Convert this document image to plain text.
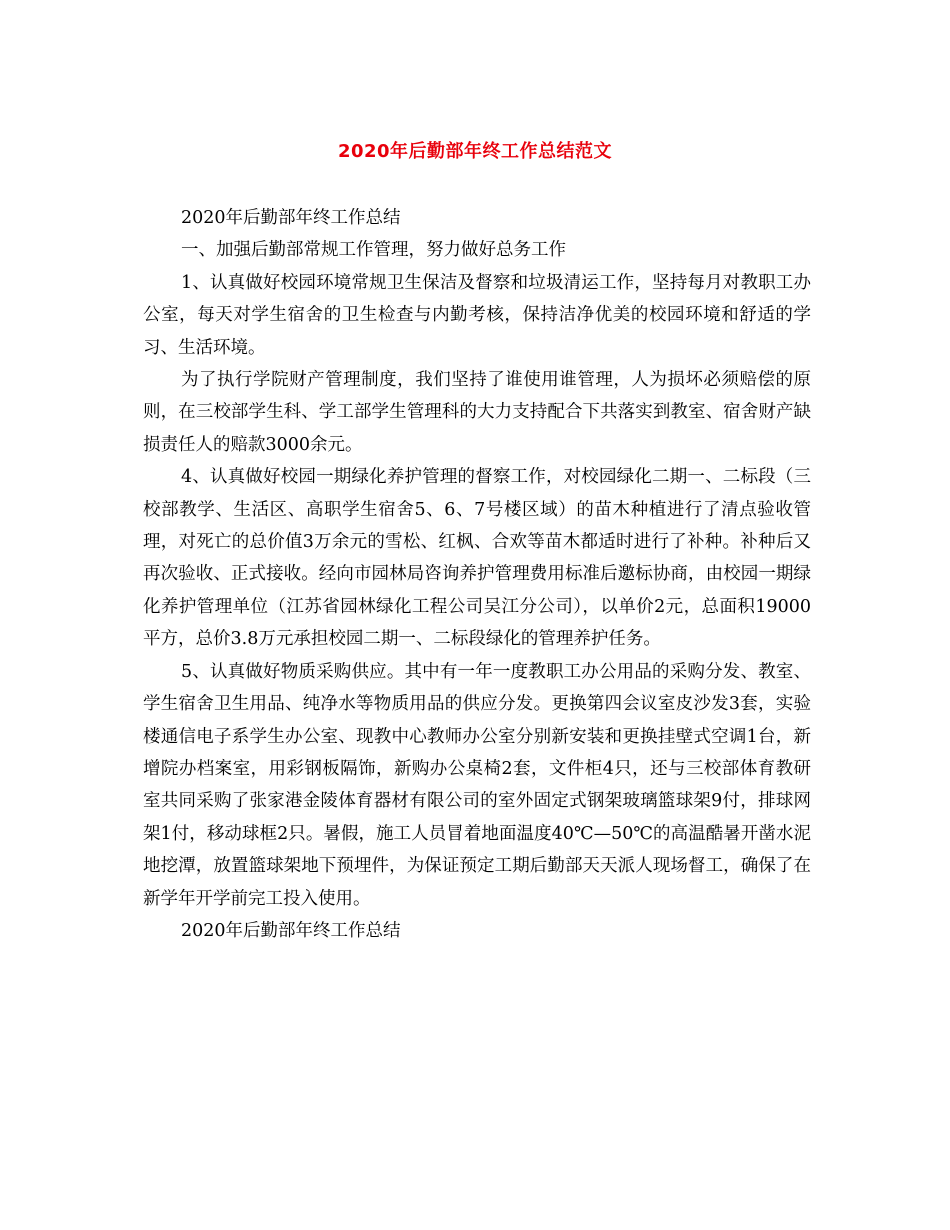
2020年后勤部年终工作总结范文

2020年后勤部年终工作总结

一、加强后勤部常规工作管理，努力做好总务工作

1、认真做好校园环境常规卫生保洁及督察和垃圾清运工作，坚持每月对教职工办公室，每天对学生宿舍的卫生检查与内勤考核，保持洁净优美的校园环境和舒适的学习、生活环境。

为了执行学院财产管理制度，我们坚持了谁使用谁管理，人为损坏必须赔偿的原则，在三校部学生科、学工部学生管理科的大力支持配合下共落实到教室、宿舍财产缺损责任人的赔款3000余元。

4、认真做好校园一期绿化养护管理的督察工作，对校园绿化二期一、二标段（三校部教学、生活区、高职学生宿舍5、6、7号楼区域）的苗木种植进行了清点验收管理，对死亡的总价值3万余元的雪松、红枫、合欢等苗木都适时进行了补种。补种后又再次验收、正式接收。经向市园林局咨询养护管理费用标准后邀标协商，由校园一期绿化养护管理单位（江苏省园林绿化工程公司吴江分公司），以单价2元，总面积19000平方，总价3.8万元承担校园二期一、二标段绿化的管理养护任务。

5、认真做好物质采购供应。其中有一年一度教职工办公用品的采购分发、教室、学生宿舍卫生用品、纯净水等物质用品的供应分发。更换第四会议室皮沙发3套，实验楼通信电子系学生办公室、现教中心教师办公室分别新安装和更换挂壁式空调1台，新增院办档案室，用彩钢板隔饰，新购办公桌椅2套，文件柜4只，还与三校部体育教研室共同采购了张家港金陵体育器材有限公司的室外固定式钢架玻璃篮球架9付，排球网架1付，移动球框2只。暑假，施工人员冒着地面温度40℃—50℃的高温酷暑开凿水泥地挖潭，放置篮球架地下预埋件，为保证预定工期后勤部天天派人现场督工，确保了在新学年开学前完工投入使用。

2020年后勤部年终工作总结
